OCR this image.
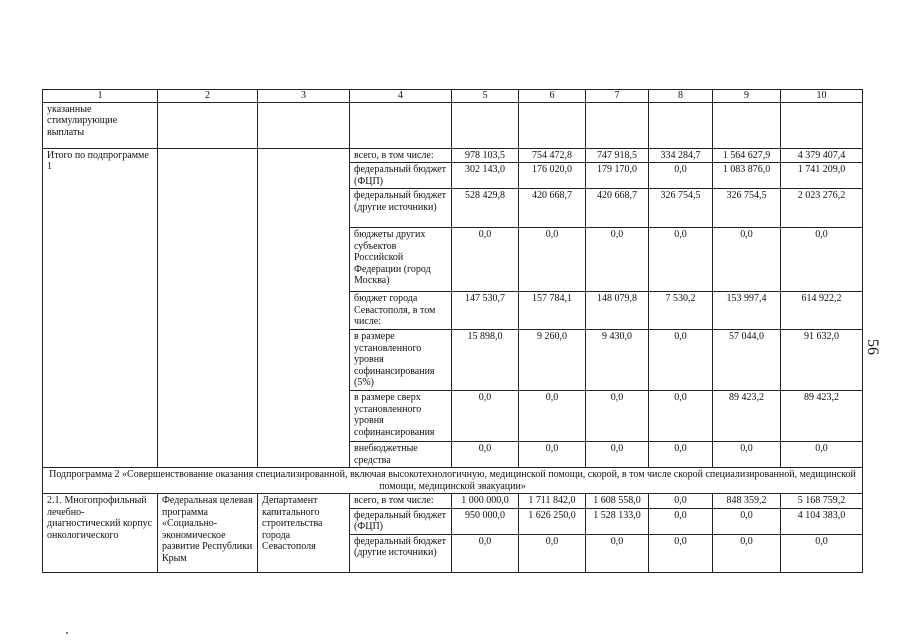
1	2	3	4	5	6	7	8	9	10
указанные стимулирующие выплаты									
Итого по подпрограмме 1			всего, в том числе:	978 103,5	754 472,8	747 918,5	334 284,7	1 564 627,9	4 379 407,4
			федеральный бюджет (ФЦП)	302 143,0	176 020,0	179 170,0	0,0	1 083 876,0	1 741 209,0
			федеральный бюджет (другие источники)	528 429,8	420 668,7	420 668,7	326 754,5	326 754,5	2 023 276,2
			бюджеты других субъектов Российской Федерации (город Москва)	0,0	0,0	0,0	0,0	0,0	0,0
			бюджет города Севастополя, в том числе:	147 530,7	157 784,1	148 079,8	7 530,2	153 997,4	614 922,2
			в размере установленного уровня софинансирования (5%)	15 898,0	9 260,0	9 430,0	0,0	57 044,0	91 632,0
			в размере сверх установленного уровня софинансирования	0,0	0,0	0,0	0,0	89 423,2	89 423,2
			внебюджетные средства	0,0	0,0	0,0	0,0	0,0	0,0
Подпрограмма 2 «Совершенствование оказания специализированной, включая высокотехнологичную, медицинской помощи, скорой, в том числе скорой специализированной, медицинской помощи, медицинской эвакуации»									
2.1. Многопрофильный лечебно-диагностический корпус онкологического	Федеральная целевая программа «Социально-экономическое развитие Республики Крым	Департамент капитального строительства города Севастополя	всего, в том числе:	1 000 000,0	1 711 842,0	1 608 558,0	0,0	848 359,2	5 168 759,2
			федеральный бюджет (ФЦП)	950 000,0	1 626 250,0	1 528 133,0	0,0	0,0	4 104 383,0
			федеральный бюджет (другие источники)	0,0	0,0	0,0	0,0	0,0	0,0
56
